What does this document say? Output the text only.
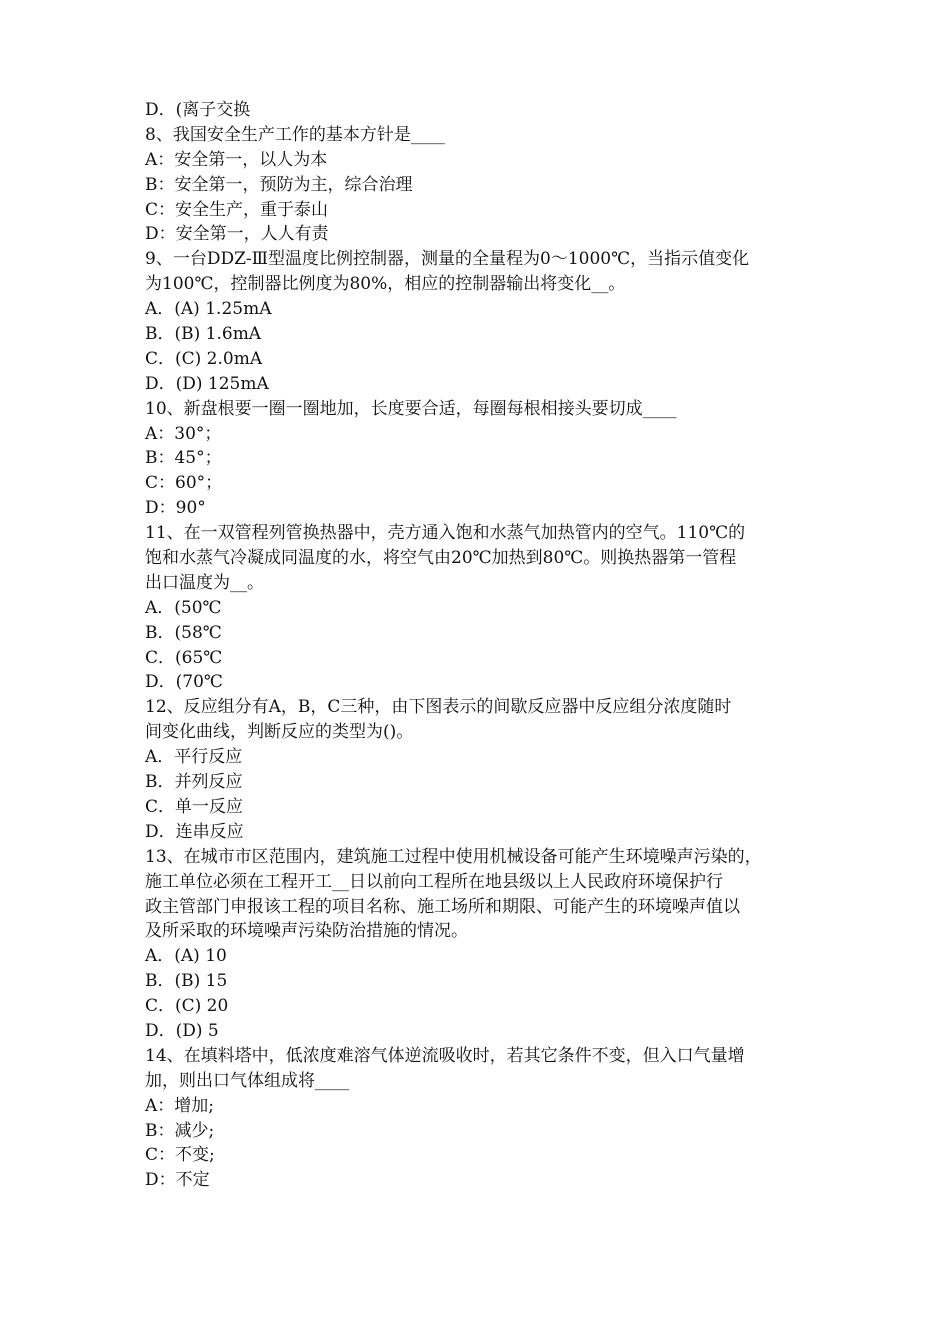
D．(离子交换
8、我国安全生产工作的基本方针是____
A：安全第一，以人为本
B：安全第一，预防为主，综合治理
C：安全生产，重于泰山
D：安全第一，人人有责
9、一台DDZ-Ⅲ型温度比例控制器，测量的全量程为0～1000℃，当指示值变化
为100℃，控制器比例度为80%，相应的控制器输出将变化__。
A．(A) 1.25mA
B．(B) 1.6mA
C．(C) 2.0mA
D．(D) 125mA
10、新盘根要一圈一圈地加，长度要合适，每圈每根相接头要切成____
A：30°；
B：45°；
C：60°；
D：90°
11、在一双管程列管换热器中，壳方通入饱和水蒸气加热管内的空气。110℃的
饱和水蒸气冷凝成同温度的水，将空气由20℃加热到80℃。则换热器第一管程
出口温度为__。
A．(50℃
B．(58℃
C．(65℃
D．(70℃
12、反应组分有A，B，C三种，由下图表示的间歇反应器中反应组分浓度随时
间变化曲线，判断反应的类型为()。
A．平行反应
B．并列反应
C．单一反应
D．连串反应
13、在城市市区范围内，建筑施工过程中使用机械设备可能产生环境噪声污染的，
施工单位必须在工程开工__日以前向工程所在地县级以上人民政府环境保护行
政主管部门申报该工程的项目名称、施工场所和期限、可能产生的环境噪声值以
及所采取的环境噪声污染防治措施的情况。
A．(A) 10
B．(B) 15
C．(C) 20
D．(D) 5
14、在填料塔中，低浓度难溶气体逆流吸收时，若其它条件不变，但入口气量增
加，则出口气体组成将____
A：增加;
B：减少;
C：不变;
D：不定
